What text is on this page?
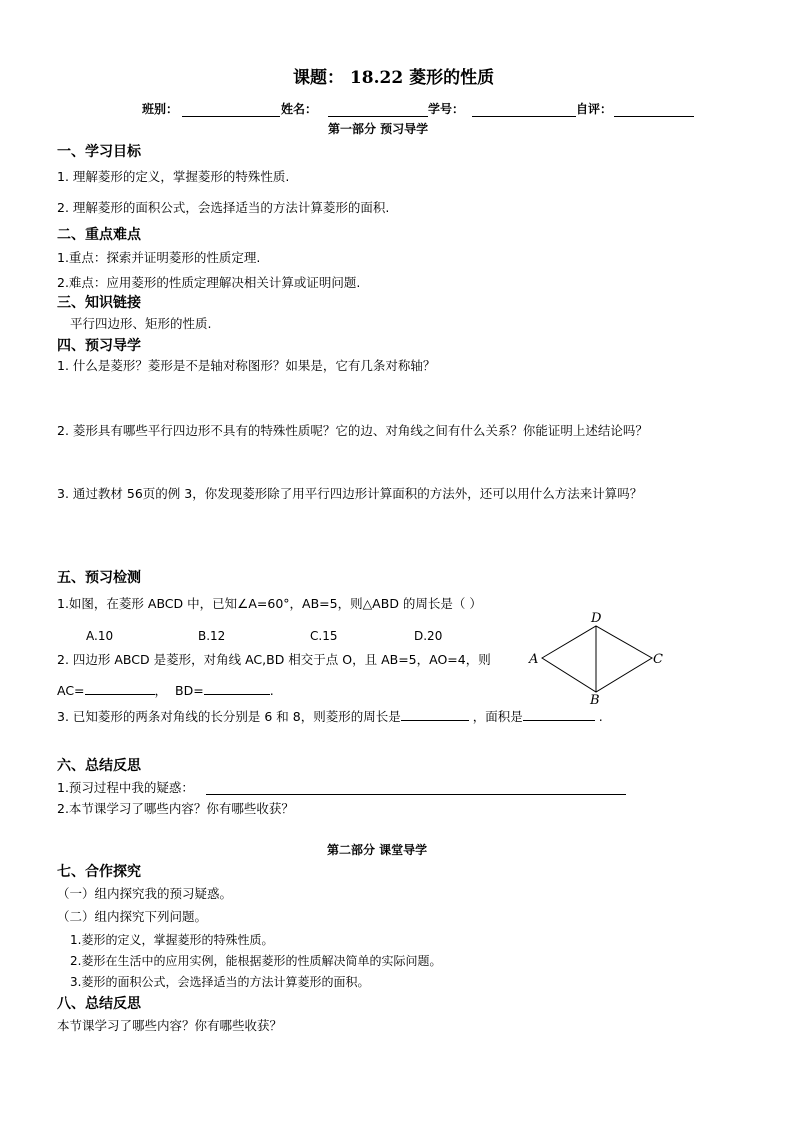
课题： 18.22 菱形的性质
班别：	姓名：	学号：	自评：
第一部分 预习导学
一、学习目标
1. 理解菱形的定义，掌握菱形的特殊性质.
2. 理解菱形的面积公式，会选择适当的方法计算菱形的面积.
二、重点难点
1.重点：探索并证明菱形的性质定理.
2.难点：应用菱形的性质定理解决相关计算或证明问题.
三、知识链接
平行四边形、矩形的性质.
四、预习导学
1. 什么是菱形？菱形是不是轴对称图形？如果是，它有几条对称轴？
2. 菱形具有哪些平行四边形不具有的特殊性质呢？它的边、对角线之间有什么关系？你能证明上述结论吗？
3. 通过教材 56页的例 3，你发现菱形除了用平行四边形计算面积的方法外，还可以用什么方法来计算吗？
五、预习检测
1.如图，在菱形 ABCD 中，已知∠A=60°，AB=5，则△ABD 的周长是（ ）
A.10	B.12	C.15	D.20
2. 四边形 ABCD 是菱形，对角线 AC,BD 相交于点 O，且 AB=5，AO=4，则
AC=	， BD=	.
3. 已知菱形的两条对角线的长分别是 6 和 8，则菱形的周长是	，面积是	.
A
B
C
D
六、总结反思
1.预习过程中我的疑惑：
2.本节课学习了哪些内容？你有哪些收获？
第二部分 课堂导学
七、合作探究
（一）组内探究我的预习疑惑。
（二）组内探究下列问题。
1.菱形的定义，掌握菱形的特殊性质。
2.菱形在生活中的应用实例，能根据菱形的性质解决简单的实际问题。
3.菱形的面积公式，会选择适当的方法计算菱形的面积。
八、总结反思
本节课学习了哪些内容？你有哪些收获？
